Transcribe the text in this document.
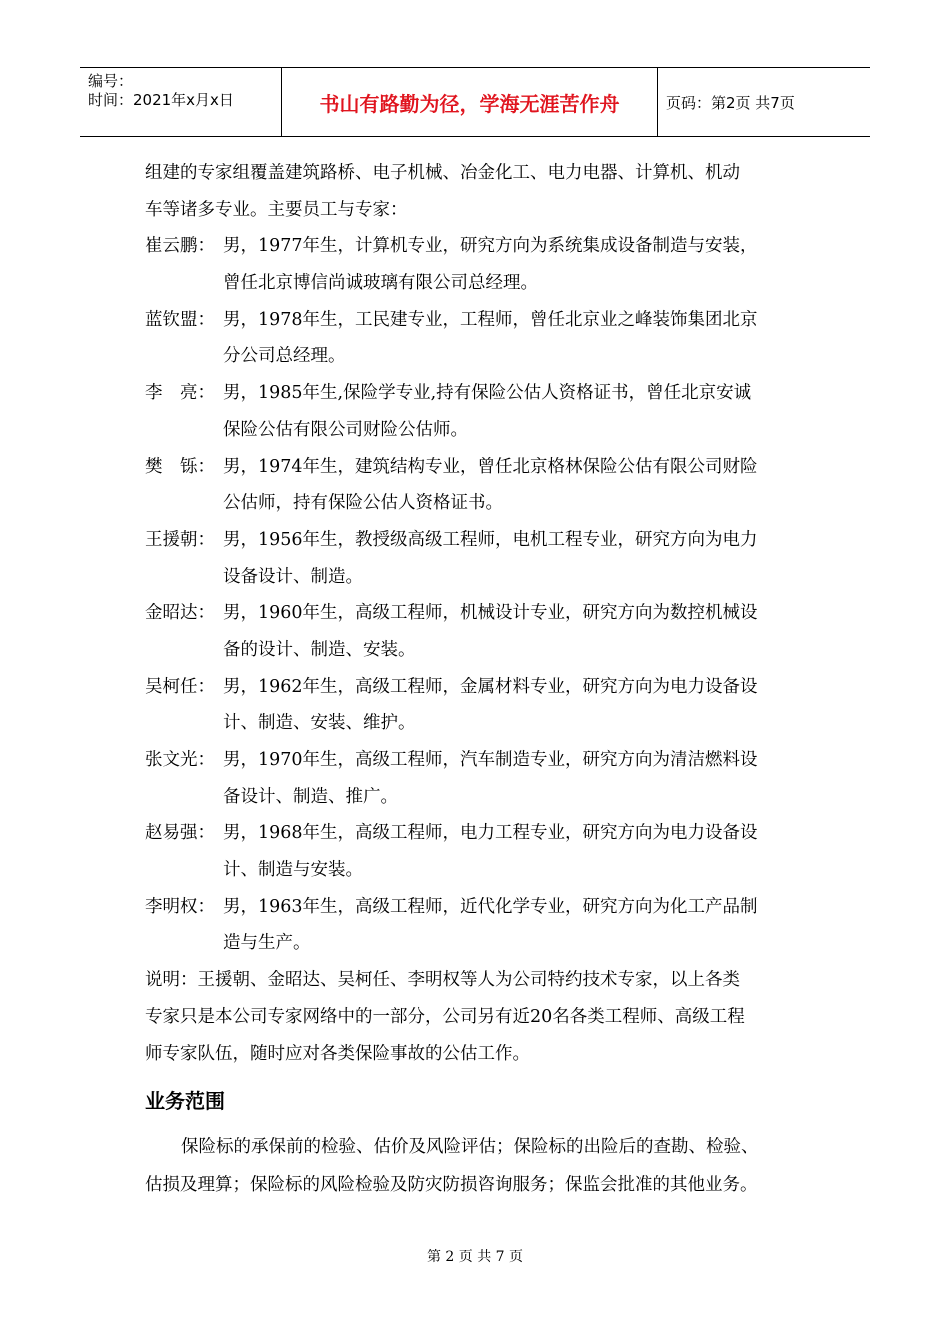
编号：
时间：2021年x月x日	书山有路勤为径，学海无涯苦作舟	页码：第2页 共7页
组建的专家组覆盖建筑路桥、电子机械、冶金化工、电力电器、计算机、机动
车等诸多专业。主要员工与专家：
崔云鹏： 男，1977年生，计算机专业，研究方向为系统集成设备制造与安装，
曾任北京博信尚诚玻璃有限公司总经理。
蓝钦盟： 男，1978年生，工民建专业，工程师，曾任北京业之峰装饰集团北京
分公司总经理。
李　亮： 男，1985年生,保险学专业,持有保险公估人资格证书，曾任北京安诚
保险公估有限公司财险公估师。
樊　铄： 男，1974年生，建筑结构专业，曾任北京格林保险公估有限公司财险
公估师，持有保险公估人资格证书。
王援朝： 男，1956年生，教授级高级工程师，电机工程专业，研究方向为电力
设备设计、制造。
金昭达： 男，1960年生，高级工程师，机械设计专业，研究方向为数控机械设
备的设计、制造、安装。
吴柯任： 男，1962年生，高级工程师，金属材料专业，研究方向为电力设备设
计、制造、安装、维护。
张文光： 男，1970年生，高级工程师，汽车制造专业，研究方向为清洁燃料设
备设计、制造、推广。
赵易强： 男，1968年生，高级工程师，电力工程专业，研究方向为电力设备设
计、制造与安装。
李明权： 男，1963年生，高级工程师，近代化学专业，研究方向为化工产品制
造与生产。
说明：王援朝、金昭达、吴柯任、李明权等人为公司特约技术专家，以上各类
专家只是本公司专家网络中的一部分，公司另有近20名各类工程师、高级工程
师专家队伍，随时应对各类保险事故的公估工作。
业务范围
保险标的承保前的检验、估价及风险评估；保险标的出险后的查勘、检验、
估损及理算；保险标的风险检验及防灾防损咨询服务；保监会批准的其他业务。
第 2 页 共 7 页
